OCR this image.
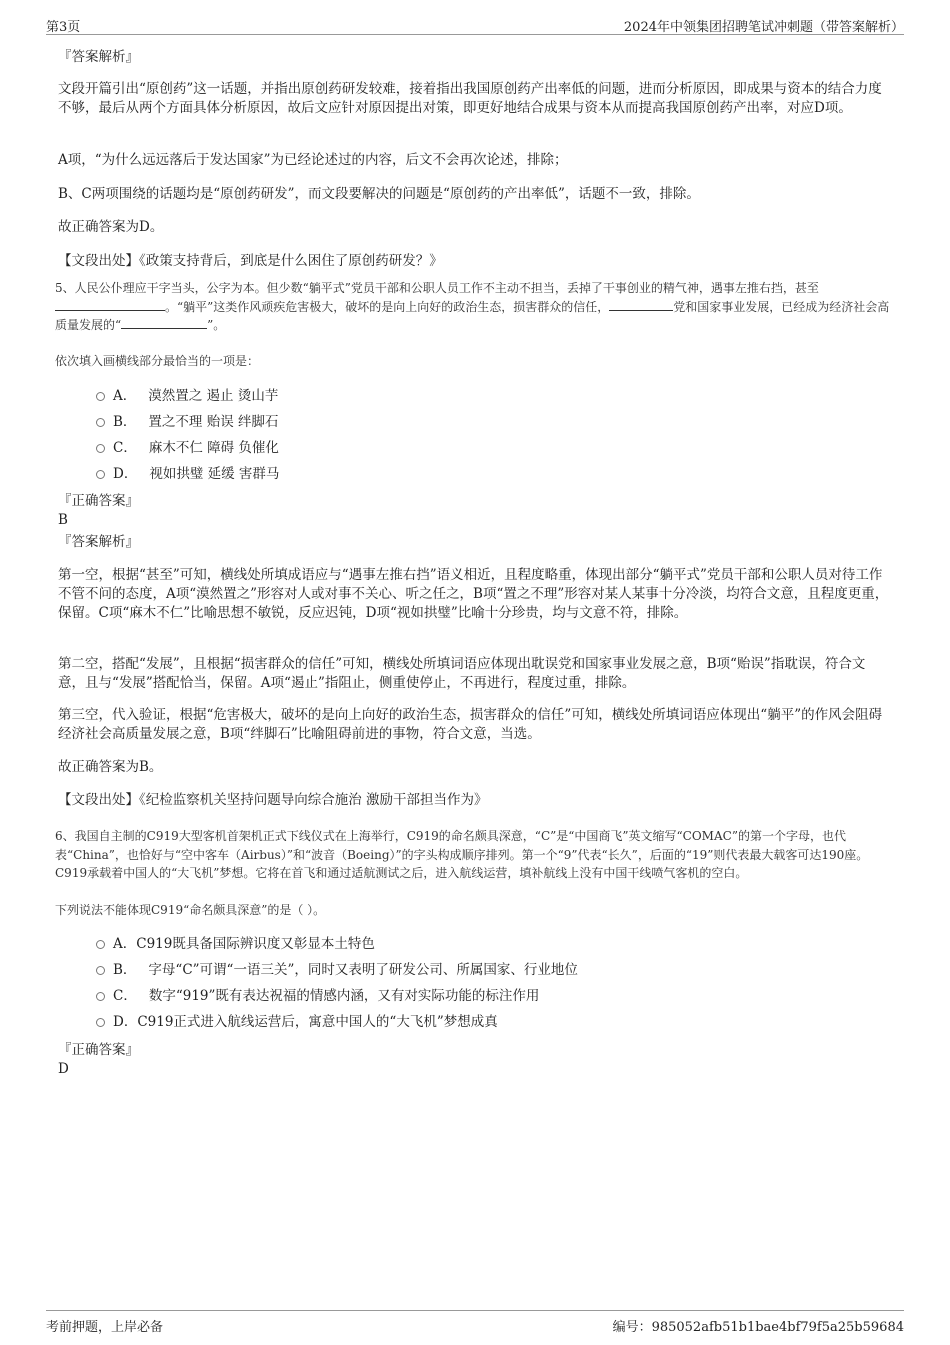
第3页	2024年中领集团招聘笔试冲刺题（带答案解析）

『答案解析』

文段开篇引出“原创药”这一话题，并指出原创药研发较难，接着指出我国原创药产出率低的问题，进而分析原因，即成果与资本的结合力度不够，最后从两个方面具体分析原因，故后文应针对原因提出对策，即更好地结合成果与资本从而提高我国原创药产出率，对应D项。

A项，“为什么远远落后于发达国家”为已经论述过的内容，后文不会再次论述，排除；

B、C两项围绕的话题均是“原创药研发”，而文段要解决的问题是“原创药的产出率低”，话题不一致，排除。

故正确答案为D。

【文段出处】《政策支持背后，到底是什么困住了原创药研发？》

5、人民公仆理应干字当头，公字为本。但少数“躺平式”党员干部和公职人员工作不主动不担当，丢掉了干事创业的精气神，遇事左推右挡，甚至。“躺平”这类作风顽疾危害极大，破坏的是向上向好的政治生态，损害群众的信任，	党和国家事业发展，已经成为经济社会高质量发展的“	”。

依次填入画横线部分最恰当的一项是：

A． 漠然置之 遏止 烫山芋
B． 置之不理 贻误 绊脚石
C． 麻木不仁 障碍 负催化
D． 视如拱璧 延缓 害群马

『正确答案』

B

『答案解析』

第一空，根据“甚至”可知，横线处所填成语应与“遇事左推右挡”语义相近，且程度略重，体现出部分“躺平式”党员干部和公职人员对待工作不管不问的态度，A项“漠然置之”形容对人或对事不关心、听之任之，B项“置之不理”形容对某人某事十分冷淡，均符合文意，且程度更重，保留。C项“麻木不仁”比喻思想不敏锐，反应迟钝，D项“视如拱璧”比喻十分珍贵，均与文意不符，排除。

第二空，搭配“发展”，且根据“损害群众的信任”可知，横线处所填词语应体现出耽误党和国家事业发展之意，B项“贻误”指耽误，符合文意，且与“发展”搭配恰当，保留。A项“遏止”指阻止，侧重使停止，不再进行，程度过重，排除。

第三空，代入验证，根据“危害极大，破坏的是向上向好的政治生态，损害群众的信任”可知，横线处所填词语应体现出“躺平”的作风会阻碍经济社会高质量发展之意，B项“绊脚石”比喻阻碍前进的事物，符合文意，当选。

故正确答案为B。

【文段出处】《纪检监察机关坚持问题导向综合施治 激励干部担当作为》

6、我国自主制的C919大型客机首架机正式下线仪式在上海举行，C919的命名颇具深意，“C”是“中国商飞”英文缩写“COMAC”的第一个字母，也代表“China”，也恰好与“空中客车（Airbus）”和“波音（Boeing）”的字头构成顺序排列。第一个“9”代表“长久”，后面的“19”则代表最大载客可达190座。C919承载着中国人的“大飞机”梦想。它将在首飞和通过适航测试之后，进入航线运营，填补航线上没有中国干线喷气客机的空白。

下列说法不能体现C919“命名颇具深意”的是（ ）。

A．C919既具备国际辨识度又彰显本土特色
B． 字母“C”可谓“一语三关”，同时又表明了研发公司、所属国家、行业地位
C． 数字“919”既有表达祝福的情感内涵，又有对实际功能的标注作用
D．C919正式进入航线运营后，寓意中国人的“大飞机”梦想成真

『正确答案』

D

考前押题，上岸必备	编号：985052afb51b1bae4bf79f5a25b59684
